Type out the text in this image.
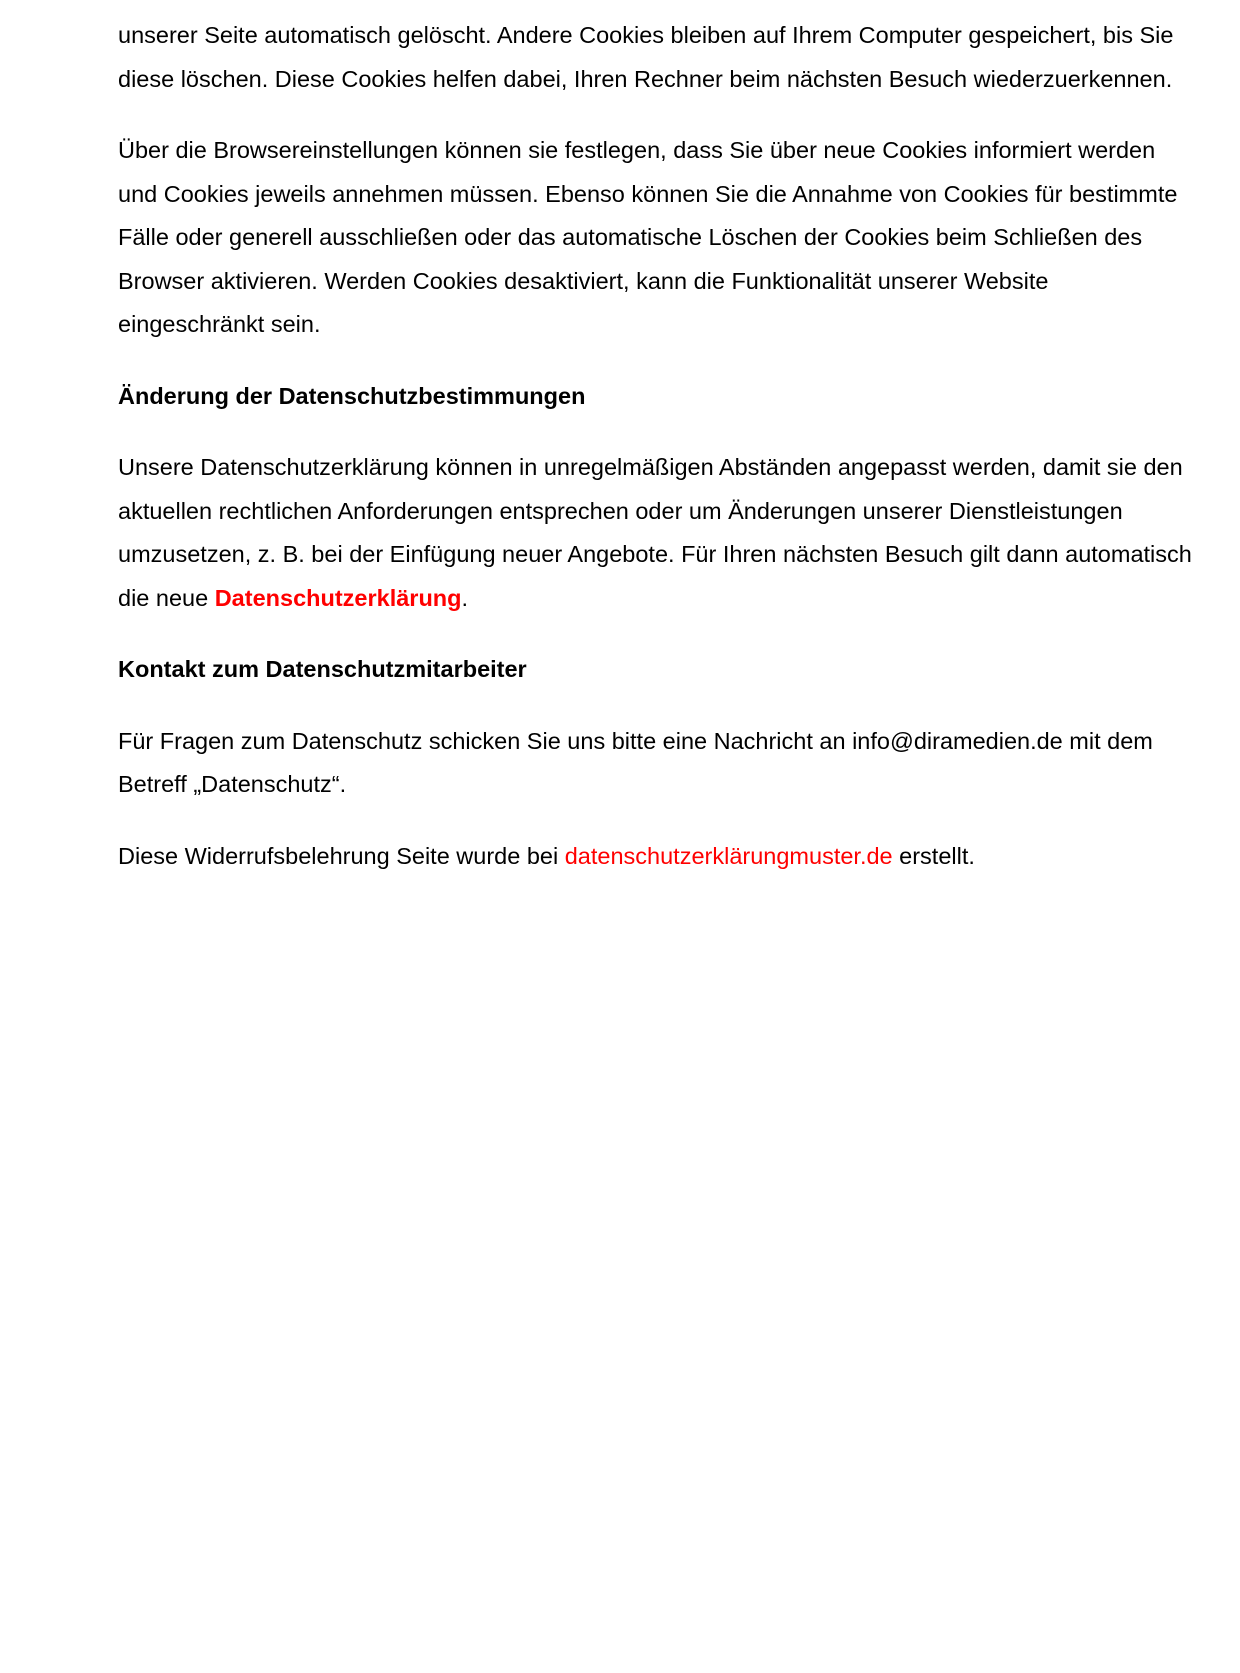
unserer Seite automatisch gelöscht. Andere Cookies bleiben auf Ihrem Computer gespeichert, bis Sie diese löschen. Diese Cookies helfen dabei, Ihren Rechner beim nächsten Besuch wiederzuerkennen.

Über die Browsereinstellungen können sie festlegen, dass Sie über neue Cookies informiert werden und Cookies jeweils annehmen müssen. Ebenso können Sie die Annahme von Cookies für bestimmte Fälle oder generell ausschließen oder das automatische Löschen der Cookies beim Schließen des Browser aktivieren. Werden Cookies desaktiviert, kann die Funktionalität unserer Website eingeschränkt sein.

Änderung der Datenschutzbestimmungen

Unsere Datenschutzerklärung können in unregelmäßigen Abständen angepasst werden, damit sie den aktuellen rechtlichen Anforderungen entsprechen oder um Änderungen unserer Dienstleistungen umzusetzen, z. B. bei der Einfügung neuer Angebote. Für Ihren nächsten Besuch gilt dann automatisch die neue Datenschutzerklärung.

Kontakt zum Datenschutzmitarbeiter

Für Fragen zum Datenschutz schicken Sie uns bitte eine Nachricht an info@diramedien.de mit dem Betreff „Datenschutz“.

Diese Widerrufsbelehrung Seite wurde bei datenschutzerklärungmuster.de erstellt.
